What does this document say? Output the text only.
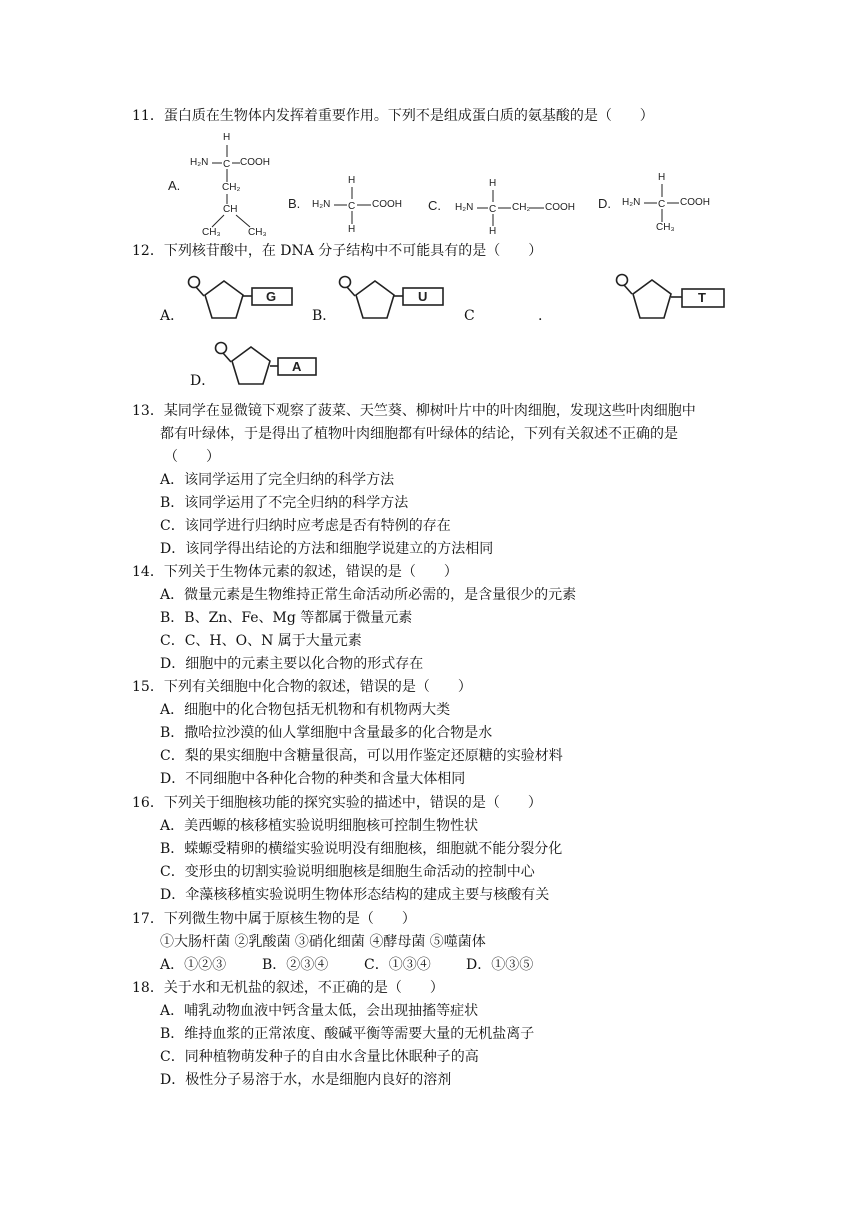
11．蛋白质在生物体内发挥着重要作用。下列不是组成蛋白质的氨基酸的是（　　）
A.
H
H₂N	COOH
CH₂
CH
CH₃	CH₃
C
B.
H
H₂N	COOH
H
C	C.
H
H₂N	CH₂ COOH
H
C	D.
H
H₂N	COOH
CH₃
C
12．下列核苷酸中，在 DNA 分子结构中不可能具有的是（　　）
A．	B．	C	.
D．
G	U	T
A
13．某同学在显微镜下观察了菠菜、天竺葵、柳树叶片中的叶肉细胞，发现这些叶肉细胞中
都有叶绿体，于是得出了植物叶肉细胞都有叶绿体的结论，下列有关叙述不正确的是
（　　）
A．该同学运用了完全归纳的科学方法
B．该同学运用了不完全归纳的科学方法
C．该同学进行归纳时应考虑是否有特例的存在
D．该同学得出结论的方法和细胞学说建立的方法相同
14．下列关于生物体元素的叙述，错误的是（　　）
A．微量元素是生物维持正常生命活动所必需的，是含量很少的元素
B．B、Zn、Fe、Mg 等都属于微量元素
C．C、H、O、N 属于大量元素
D．细胞中的元素主要以化合物的形式存在
15．下列有关细胞中化合物的叙述，错误的是（　　）
A．细胞中的化合物包括无机物和有机物两大类
B．撒哈拉沙漠的仙人掌细胞中含量最多的化合物是水
C．梨的果实细胞中含糖量很高，可以用作鉴定还原糖的实验材料
D．不同细胞中各种化合物的种类和含量大体相同
16．下列关于细胞核功能的探究实验的描述中，错误的是（　　）
A．美西螈的核移植实验说明细胞核可控制生物性状
B．蝾螈受精卵的横缢实验说明没有细胞核，细胞就不能分裂分化
C．变形虫的切割实验说明细胞核是细胞生命活动的控制中心
D．伞藻核移植实验说明生物体形态结构的建成主要与核酸有关
17．下列微生物中属于原核生物的是（　　）
①大肠杆菌 ②乳酸菌 ③硝化细菌 ④酵母菌 ⑤噬菌体
A．①②③	B．②③④	C．①③④	D．①③⑤
18．关于水和无机盐的叙述，不正确的是（　　）
A．哺乳动物血液中钙含量太低，会出现抽搐等症状
B．维持血浆的正常浓度、酸碱平衡等需要大量的无机盐离子
C．同种植物萌发种子的自由水含量比休眠种子的高
D．极性分子易溶于水，水是细胞内良好的溶剂
